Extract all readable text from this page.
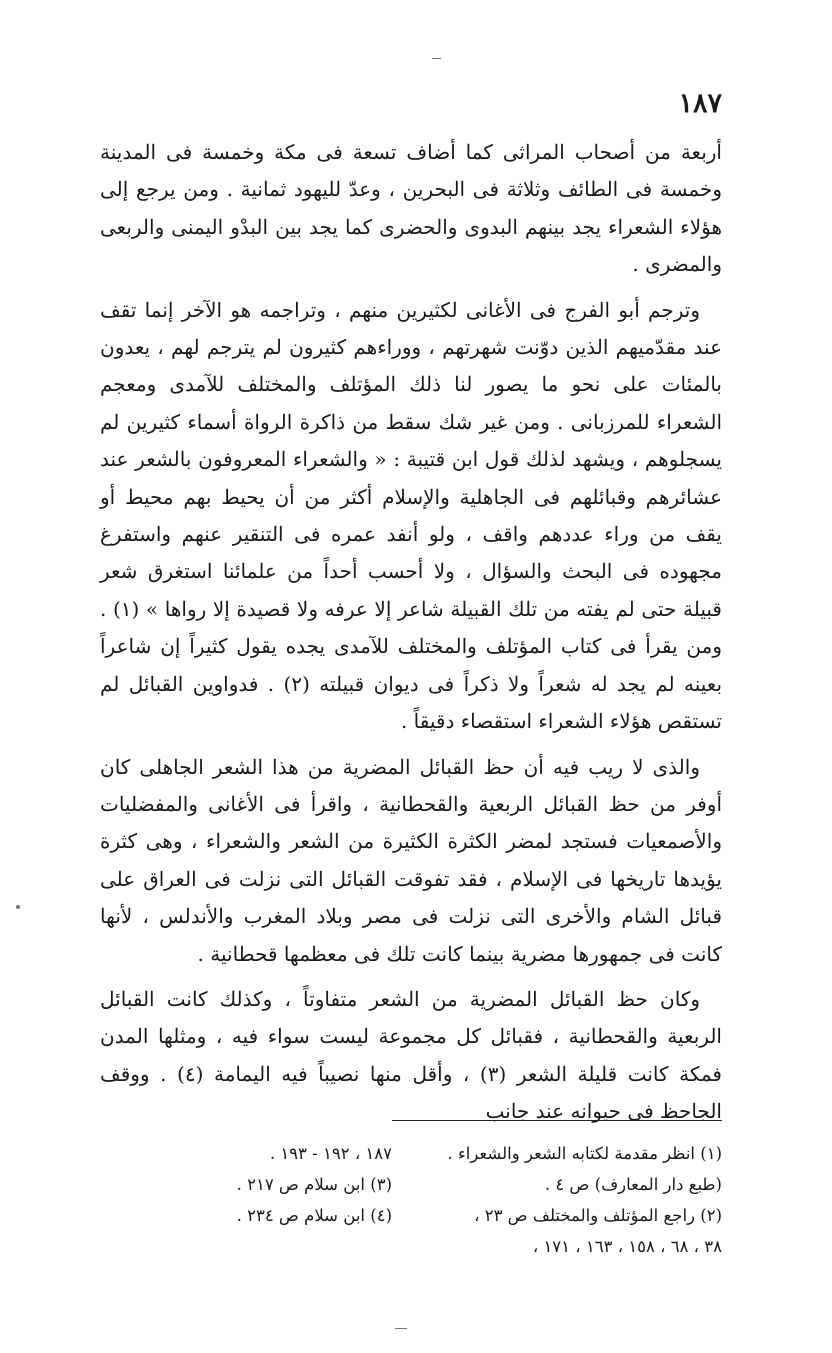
١٨٧

أربعة من أصحاب المراثى كما أضاف تسعة فى مكة وخمسة فى المدينة وخمسة فى الطائف وثلاثة فى البحرين ، وعدّ لليهود ثمانية . ومن يرجع إلى هؤلاء الشعراء يجد بينهم البدوى والحضرى كما يجد بين البدْو اليمنى والربعى والمضرى .

وترجم أبو الفرج فى الأغانى لكثيرين منهم ، وتراجمه هو الآخر إنما تقف عند مقدّميهم الذين دوّنت شهرتهم ، ووراءهم كثيرون لم يترجم لهم ، يعدون بالمئات على نحو ما يصور لنا ذلك المؤتلف والمختلف للآمدى ومعجم الشعراء للمرزبانى . ومن غير شك سقط من ذاكرة الرواة أسماء كثيرين لم يسجلوهم ، ويشهد لذلك قول ابن قتيبة : « والشعراء المعروفون بالشعر عند عشائرهم وقبائلهم فى الجاهلية والإسلام أكثر من أن يحيط بهم محيط أو يقف من وراء عددهم واقف ، ولو أنفد عمره فى التنقير عنهم واستفرغ مجهوده فى البحث والسؤال ، ولا أحسب أحداً من علمائنا استغرق شعر قبيلة حتى لم يفته من تلك القبيلة شاعر إلا عرفه ولا قصيدة إلا رواها » (١) . ومن يقرأ فى كتاب المؤتلف والمختلف للآمدى يجده يقول كثيراً إن شاعراً بعينه لم يجد له شعراً ولا ذكراً فى ديوان قبيلته (٢) . فدواوين القبائل لم تستقص هؤلاء الشعراء استقصاء دقيقاً .

والذى لا ريب فيه أن حظ القبائل المضرية من هذا الشعر الجاهلى كان أوفر من حظ القبائل الربعية والقحطانية ، واقرأ فى الأغانى والمفضليات والأصمعيات فستجد لمضر الكثرة الكثيرة من الشعر والشعراء ، وهى كثرة يؤيدها تاريخها فى الإسلام ، فقد تفوقت القبائل التى نزلت فى العراق على قبائل الشام والأخرى التى نزلت فى مصر وبلاد المغرب والأندلس ، لأنها كانت فى جمهورها مضرية بينما كانت تلك فى معظمها قحطانية .

وكان حظ القبائل المضرية من الشعر متفاوتاً ، وكذلك كانت القبائل الربعية والقحطانية ، فقبائل كل مجموعة ليست سواء فيه ، ومثلها المدن فمكة كانت قليلة الشعر (٣) ، وأقل منها نصيباً فيه اليمامة (٤) . ووقف الجاحظ فى حيوانه عند جانب

(١) انظر مقدمة لكتابه الشعر والشعراء .
(طبع دار المعارف) ص ٤ .
(٢) راجع المؤتلف والمختلف ص ٢٣ ،
١٨٧ ، ١٩٢ - ١٩٣ .
(٣) ابن سلام ص ٢١٧ .
(٤) ابن سلام ص ٢٣٤ .
٣٨ ، ٦٨ ، ١٥٨ ، ١٦٣ ، ١٧١ ،
